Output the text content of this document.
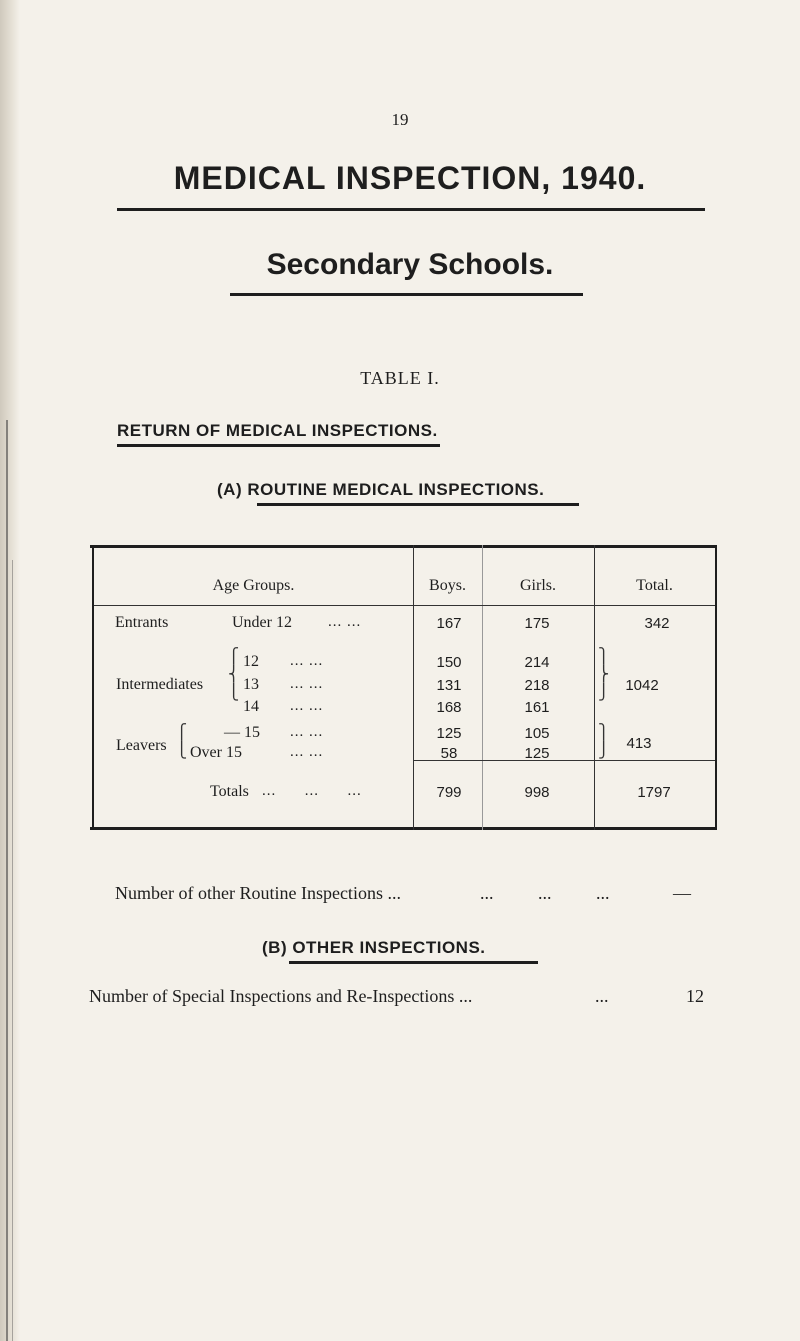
19
MEDICAL INSPECTION, 1940.
Secondary Schools.
TABLE I.
RETURN OF MEDICAL INSPECTIONS.
(A) ROUTINE MEDICAL INSPECTIONS.
Age Groups.	Boys.	Girls.	Total.
Entrants	Under 12 ... ...	167	175	342
Intermediates
⎧
⎨
⎩
12 ... ...	150	214
13 ... ...	131	218
14 ... ...	168	161
⎫
⎬
⎭	1042
Leavers
⎧
⎩
— 15 ... ...	125	105
Over 15	... ...	58	125
⎫
⎭	413
Totals ...      ...      ...	799	998	1797
Number of other Routine Inspections ...	... ... ...	—
(B) OTHER INSPECTIONS.
Number of Special Inspections and Re-Inspections ...	...	12
